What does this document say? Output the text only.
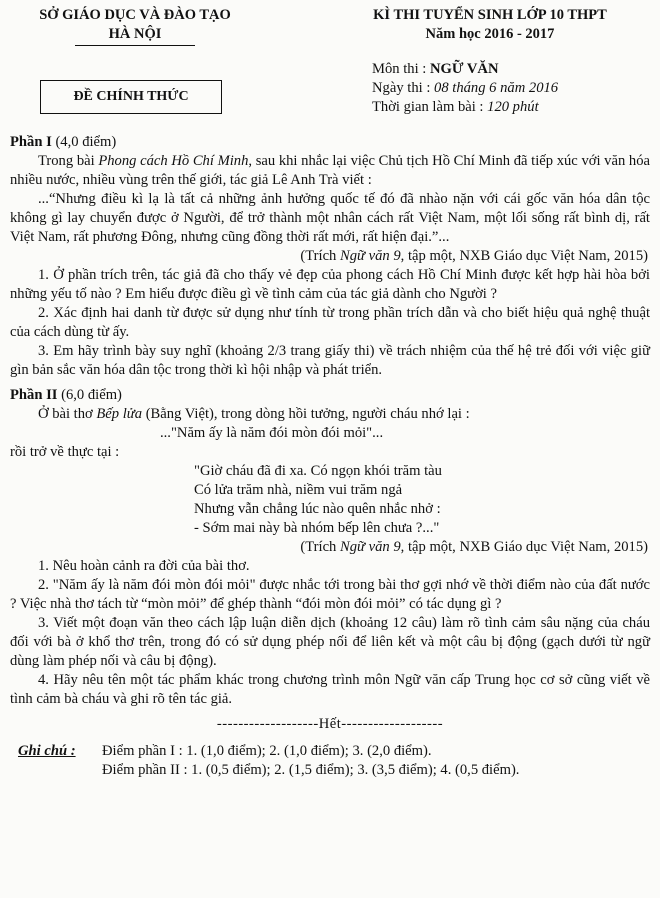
SỞ GIÁO DỤC VÀ ĐÀO TẠO
HÀ NỘI
KÌ THI TUYỂN SINH LỚP 10 THPT
Năm học 2016 - 2017
ĐỀ CHÍNH THỨC
Môn thi : NGỮ VĂN
Ngày thi : 08 tháng 6 năm 2016
Thời gian làm bài : 120 phút
Phần I (4,0 điểm)

Trong bài Phong cách Hồ Chí Minh, sau khi nhắc lại việc Chủ tịch Hồ Chí Minh đã tiếp xúc với văn hóa nhiều nước, nhiều vùng trên thế giới, tác giả Lê Anh Trà viết :

...“Nhưng điều kì lạ là tất cả những ảnh hưởng quốc tế đó đã nhào nặn với cái gốc văn hóa dân tộc không gì lay chuyển được ở Người, để trở thành một nhân cách rất Việt Nam, một lối sống rất bình dị, rất Việt Nam, rất phương Đông, nhưng cũng đồng thời rất mới, rất hiện đại.”...

(Trích Ngữ văn 9, tập một, NXB Giáo dục Việt Nam, 2015)

1. Ở phần trích trên, tác giả đã cho thấy vẻ đẹp của phong cách Hồ Chí Minh được kết hợp hài hòa bởi những yếu tố nào ? Em hiểu được điều gì về tình cảm của tác giả dành cho Người ?

2. Xác định hai danh từ được sử dụng như tính từ trong phần trích dẫn và cho biết hiệu quả nghệ thuật của cách dùng từ ấy.

3. Em hãy trình bày suy nghĩ (khoảng 2/3 trang giấy thi) về trách nhiệm của thế hệ trẻ đối với việc giữ gìn bản sắc văn hóa dân tộc trong thời kì hội nhập và phát triển.

Phần II (6,0 điểm)

Ở bài thơ Bếp lửa (Bằng Việt), trong dòng hồi tưởng, người cháu nhớ lại :

..."Năm ấy là năm đói mòn đói mỏi"...

rồi trở về thực tại :

"Giờ cháu đã đi xa. Có ngọn khói trăm tàu
Có lửa trăm nhà, niềm vui trăm ngả
Nhưng vẫn chẳng lúc nào quên nhắc nhở :
- Sớm mai này bà nhóm bếp lên chưa ?..."

(Trích Ngữ văn 9, tập một, NXB Giáo dục Việt Nam, 2015)

1. Nêu hoàn cảnh ra đời của bài thơ.

2. "Năm ấy là năm đói mòn đói mỏi" được nhắc tới trong bài thơ gợi nhớ về thời điểm nào của đất nước ? Việc nhà thơ tách từ “mòn mỏi” để ghép thành “đói mòn đói mỏi” có tác dụng gì ?

3. Viết một đoạn văn theo cách lập luận diễn dịch (khoảng 12 câu) làm rõ tình cảm sâu nặng của cháu đối với bà ở khổ thơ trên, trong đó có sử dụng phép nối để liên kết và một câu bị động (gạch dưới từ ngữ dùng làm phép nối và câu bị động).

4. Hãy nêu tên một tác phẩm khác trong chương trình môn Ngữ văn cấp Trung học cơ sở cũng viết về tình cảm bà cháu và ghi rõ tên tác giả.

-------------------Hết-------------------

Ghi chú : Điểm phần I : 1. (1,0 điểm); 2. (1,0 điểm); 3. (2,0 điểm).
Điểm phần II : 1. (0,5 điểm); 2. (1,5 điểm); 3. (3,5 điểm); 4. (0,5 điểm).
